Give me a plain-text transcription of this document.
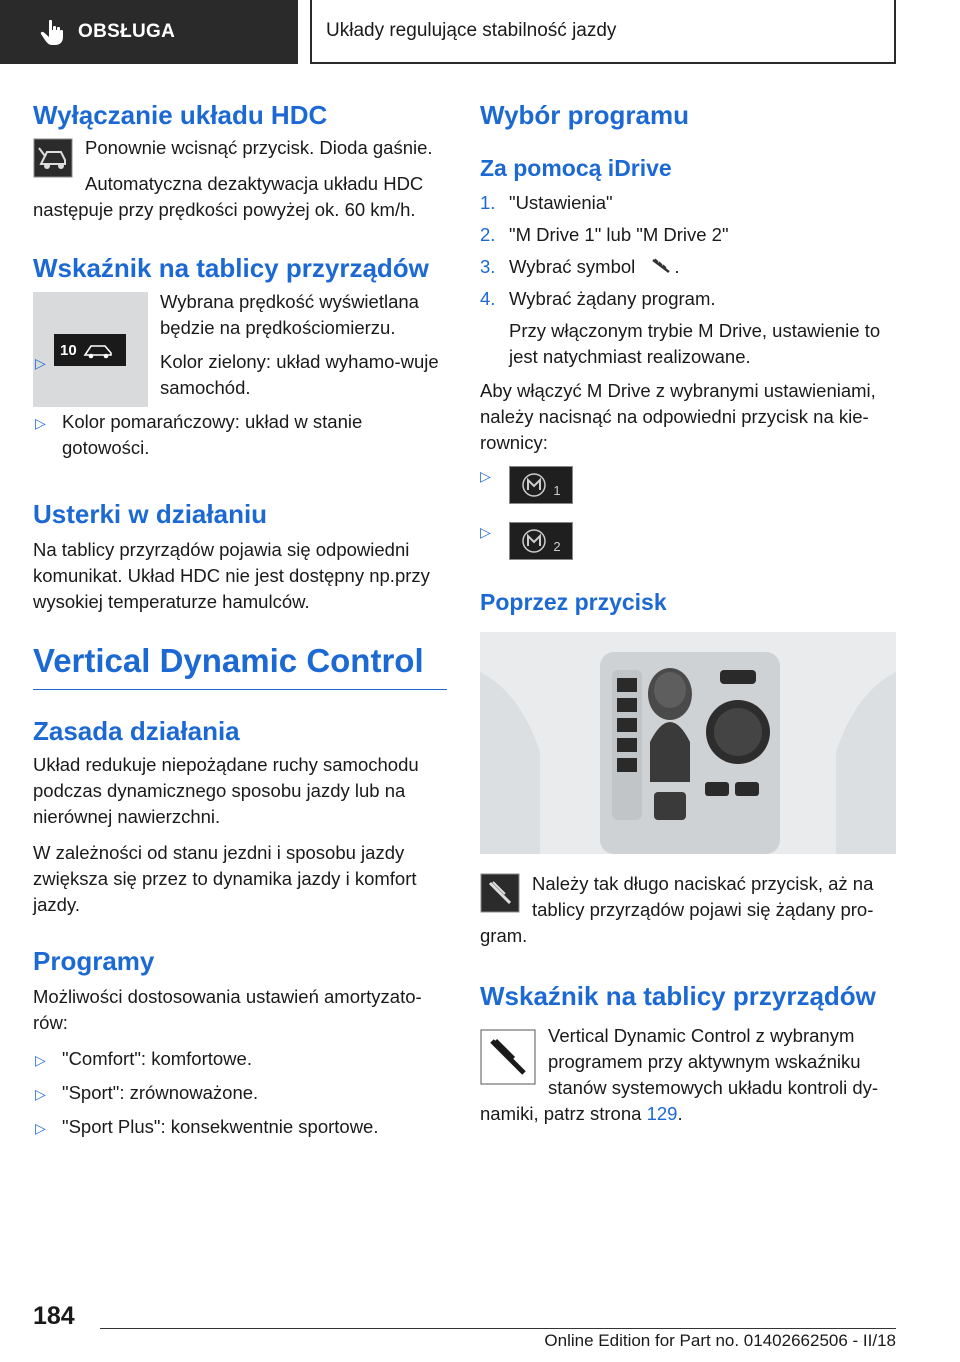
OBSŁUGA	Układy regulujące stabilność jazdy
Wyłączanie układu HDC

Ponownie wcisnąć przycisk. Dioda gaśnie.

Automatyczna dezaktywacja układu HDC następuje przy prędkości powyżej ok. 60 km/h.

Wskaźnik na tablicy przyrządów
10

Wybrana prędkość wyświetlana będzie na prędkościomierzu.

▷	Kolor zielony: układ wyhamo-wuje samochód.
▷ Kolor pomarańczowy: układ w stanie gotowości.
Usterki w działaniu

Na tablicy przyrządów pojawia się odpowiedni komunikat. Układ HDC nie jest dostępny np.przy wysokiej temperaturze hamulców.

Vertical Dynamic Control
Zasada działania

Układ redukuje niepożądane ruchy samochodu podczas dynamicznego sposobu jazdy lub na nierównej nawierzchni.

W zależności od stanu jezdni i sposobu jazdy zwiększa się przez to dynamika jazdy i komfort jazdy.

Programy

Możliwości dostosowania ustawień amortyzato-rów:

▷ "Comfort": komfortowe.
▷ "Sport": zrównoważone.
▷ "Sport Plus": konsekwentnie sportowe.
Wybór programu
Za pomocą iDrive
1. "Ustawienia"
2. "M Drive 1" lub "M Drive 2"
3. Wybrać symbol .
4. Wybrać żądany program.

Przy włączonym trybie M Drive, ustawienie to jest natychmiast realizowane.

Aby włączyć M Drive z wybranymi ustawieniami, należy nacisnąć na odpowiedni przycisk na kie-rownicy:

▷
1
▷
2
Poprzez przycisk

Należy tak długo naciskać przycisk, aż na tablicy przyrządów pojawi się żądany pro-gram.

Wskaźnik na tablicy przyrządów

Vertical Dynamic Control z wybranym programem przy aktywnym wskaźniku stanów systemowych układu kontroli dy-namiki, patrz strona 129.

184
Online Edition for Part no. 01402662506 - II/18
